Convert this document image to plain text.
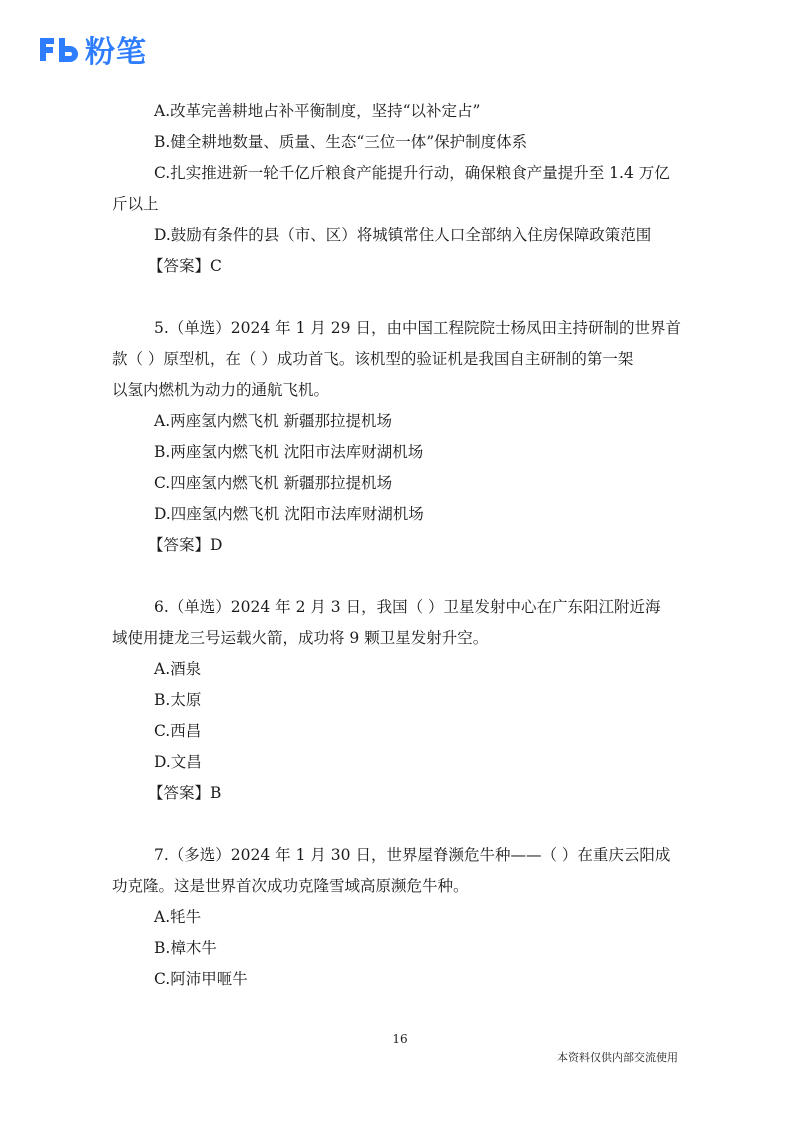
粉笔
A.改革完善耕地占补平衡制度，坚持“以补定占”
B.健全耕地数量、质量、生态“三位一体”保护制度体系
C.扎实推进新一轮千亿斤粮食产能提升行动，确保粮食产量提升至 1.4 万亿
斤以上
D.鼓励有条件的县（市、区）将城镇常住人口全部纳入住房保障政策范围
【答案】C
5.（单选）2024 年 1 月 29 日，由中国工程院院士杨凤田主持研制的世界首
款（ ）原型机，在（ ）成功首飞。该机型的验证机是我国自主研制的第一架
以氢内燃机为动力的通航飞机。
A.两座氢内燃飞机 新疆那拉提机场
B.两座氢内燃飞机 沈阳市法库财湖机场
C.四座氢内燃飞机 新疆那拉提机场
D.四座氢内燃飞机 沈阳市法库财湖机场
【答案】D
6.（单选）2024 年 2 月 3 日，我国（ ）卫星发射中心在广东阳江附近海
域使用捷龙三号运载火箭，成功将 9 颗卫星发射升空。
A.酒泉
B.太原
C.西昌
D.文昌
【答案】B
7.（多选）2024 年 1 月 30 日，世界屋脊濒危牛种——（ ）在重庆云阳成
功克隆。这是世界首次成功克隆雪域高原濒危牛种。
A.牦牛
B.樟木牛
C.阿沛甲咂牛
16
本资料仅供内部交流使用
